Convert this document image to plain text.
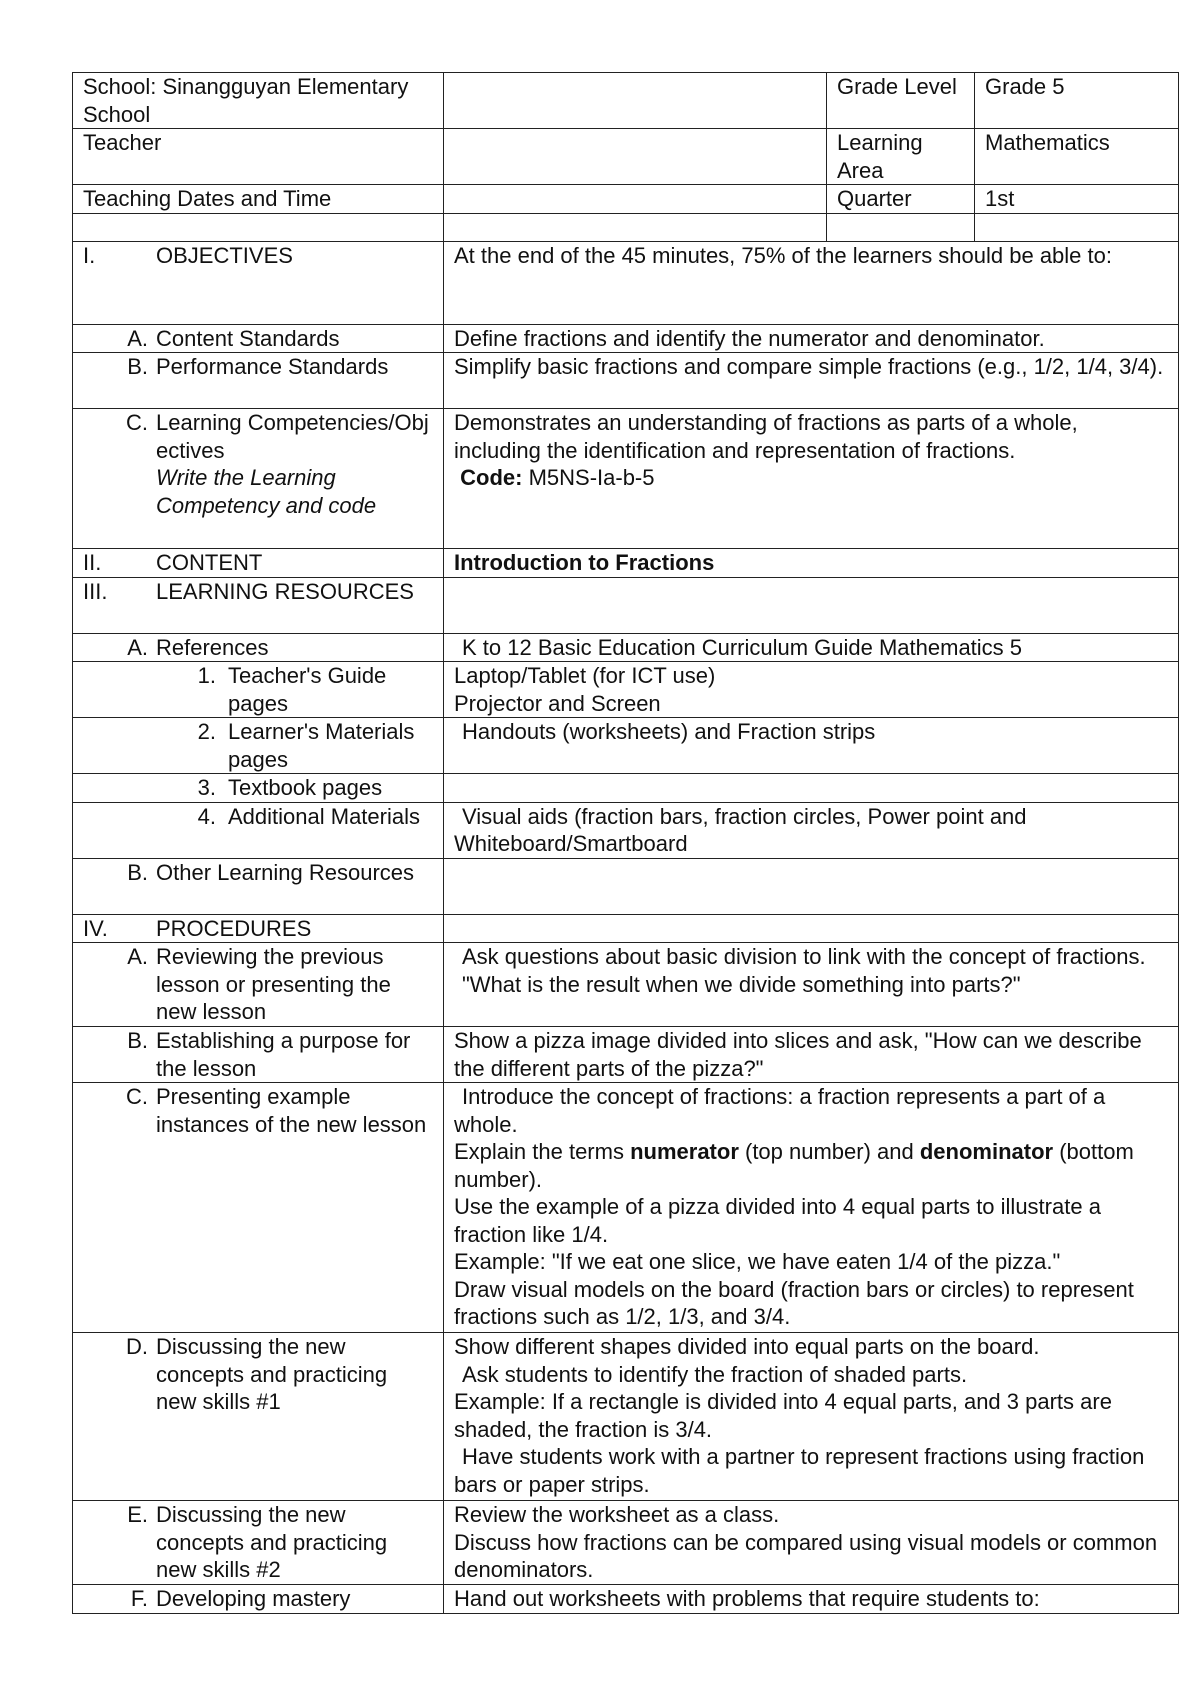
School: Sinangguyan Elementary School		Grade Level	Grade 5
Teacher		Learning Area	Mathematics
Teaching Dates and Time		Quarter	1st

I. OBJECTIVES	At the end of the 45 minutes, 75% of the learners should be able to:		

A. Content Standards	Define fractions and identify the numerator and denominator.		

B. Performance Standards	Simplify basic fractions and compare simple fractions (e.g., 1/2, 1/4, 3/4).		

C. Learning Competencies/Objectives
Write the Learning Competency and code	Demonstrates an understanding of fractions as parts of a whole, including the identification and representation of fractions.
Code: M5NS-Ia-b-5		
II. CONTENT	Introduction to Fractions		

III. LEARNING RESOURCES			

A. References	K to 12 Basic Education Curriculum Guide Mathematics 5		

1. Teacher's Guide pages	Laptop/Tablet (for ICT use)
Projector and Screen		

2. Learner's Materials pages	Handouts (worksheets) and Fraction strips		

3. Textbook pages			

4. Additional Materials	Visual aids (fraction bars, fraction circles, Power point and Whiteboard/Smartboard		

B. Other Learning Resources			

IV. PROCEDURES			

A. Reviewing the previous lesson or presenting the new lesson	Ask questions about basic division to link with the concept of fractions.
"What is the result when we divide something into parts?"		

B. Establishing a purpose for the lesson	Show a pizza image divided into slices and ask, "How can we describe the different parts of the pizza?"		

C. Presenting example instances of the new lesson	Introduce the concept of fractions: a fraction represents a part of a whole.
Explain the terms numerator (top number) and denominator (bottom number).
Use the example of a pizza divided into 4 equal parts to illustrate a fraction like 1/4.
Example: "If we eat one slice, we have eaten 1/4 of the pizza."
Draw visual models on the board (fraction bars or circles) to represent fractions such as 1/2, 1/3, and 3/4.		

D. Discussing the new concepts and practicing new skills #1	Show different shapes divided into equal parts on the board.
Ask students to identify the fraction of shaded parts.
Example: If a rectangle is divided into 4 equal parts, and 3 parts are shaded, the fraction is 3/4.
Have students work with a partner to represent fractions using fraction bars or paper strips.		

E. Discussing the new concepts and practicing new skills #2	Review the worksheet as a class.
Discuss how fractions can be compared using visual models or common denominators.		

F. Developing mastery	Hand out worksheets with problems that require students to:		
